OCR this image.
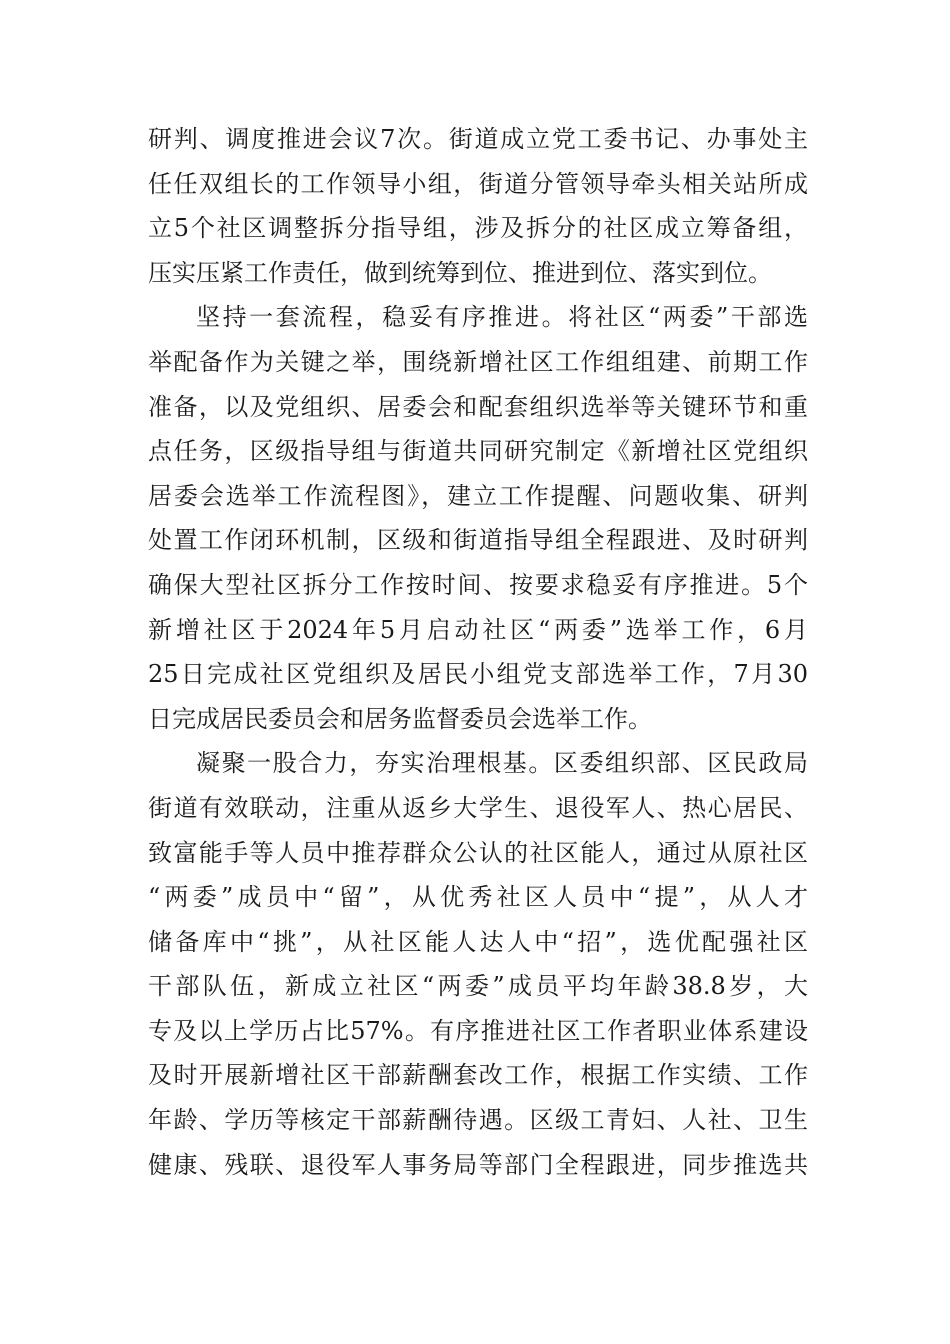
研判、调度推进会议7次。街道成立党工委书记、办事处主
任任双组长的工作领导小组，街道分管领导牵头相关站所成
立5个社区调整拆分指导组，涉及拆分的社区成立筹备组，
压实压紧工作责任，做到统筹到位、推进到位、落实到位。
坚持一套流程，稳妥有序推进。将社区“两委”干部选
举配备作为关键之举，围绕新增社区工作组组建、前期工作
准备，以及党组织、居委会和配套组织选举等关键环节和重
点任务，区级指导组与街道共同研究制定《新增社区党组织
居委会选举工作流程图》，建立工作提醒、问题收集、研判
处置工作闭环机制，区级和街道指导组全程跟进、及时研判
确保大型社区拆分工作按时间、按要求稳妥有序推进。5个
新增社区于2024年5月启动社区“两委”选举工作，6月
25日完成社区党组织及居民小组党支部选举工作，7月30
日完成居民委员会和居务监督委员会选举工作。
凝聚一股合力，夯实治理根基。区委组织部、区民政局
街道有效联动，注重从返乡大学生、退役军人、热心居民、
致富能手等人员中推荐群众公认的社区能人，通过从原社区
“两委”成员中“留”，从优秀社区人员中“提”，从人才
储备库中“挑”，从社区能人达人中“招”，选优配强社区
干部队伍，新成立社区“两委”成员平均年龄38.8岁，大
专及以上学历占比57%。有序推进社区工作者职业体系建设
及时开展新增社区干部薪酬套改工作，根据工作实绩、工作
年龄、学历等核定干部薪酬待遇。区级工青妇、人社、卫生
健康、残联、退役军人事务局等部门全程跟进，同步推选共
